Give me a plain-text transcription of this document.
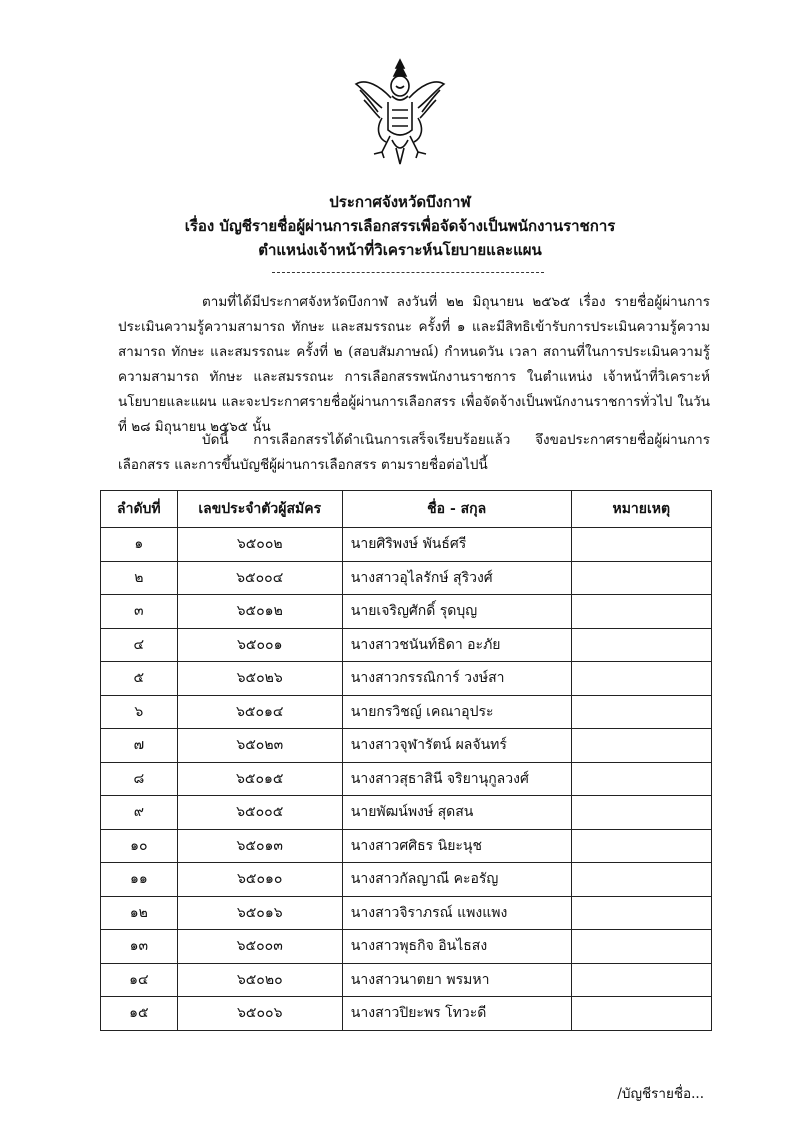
ประกาศจังหวัดบึงกาฬ
เรื่อง บัญชีรายชื่อผู้ผ่านการเลือกสรรเพื่อจัดจ้างเป็นพนักงานราชการ
ตำแหน่งเจ้าหน้าที่วิเคราะห์นโยบายและแผน
ตามที่ได้มีประกาศจังหวัดบึงกาฬ ลงวันที่ ๒๒ มิถุนายน ๒๕๖๕ เรื่อง รายชื่อผู้ผ่านการประเมินความรู้ความสามารถ ทักษะ และสมรรถนะ ครั้งที่ ๑ และมีสิทธิเข้ารับการประเมินความรู้ความสามารถ ทักษะ และสมรรถนะ ครั้งที่ ๒ (สอบสัมภาษณ์) กำหนดวัน เวลา สถานที่ในการประเมินความรู้ความสามารถ ทักษะ และสมรรถนะ การเลือกสรรพนักงานราชการ ในตำแหน่ง เจ้าหน้าที่วิเคราะห์นโยบายและแผน และจะประกาศรายชื่อผู้ผ่านการเลือกสรร เพื่อจัดจ้างเป็นพนักงานราชการทั่วไป ในวันที่ ๒๘ มิถุนายน ๒๕๖๕ นั้น
บัดนี้ การเลือกสรรได้ดำเนินการเสร็จเรียบร้อยแล้ว จึงขอประกาศรายชื่อผู้ผ่านการเลือกสรร และการขึ้นบัญชีผู้ผ่านการเลือกสรร ตามรายชื่อต่อไปนี้
ลำดับที่	เลขประจำตัวผู้สมัคร	ชื่อ - สกุล	หมายเหตุ
๑	๖๕๐๐๒	นายศิริพงษ์ พันธ์ศรี	
๒	๖๕๐๐๔	นางสาวอุไลรักษ์ สุริวงศ์	
๓	๖๕๐๑๒	นายเจริญศักดิ์ รุดบุญ	
๔	๖๕๐๐๑	นางสาวชนันท์ธิดา อะภัย	
๕	๖๕๐๒๖	นางสาวกรรณิการ์ วงษ์สา	
๖	๖๕๐๑๔	นายกรวิชญ์ เคณาอุประ	
๗	๖๕๐๒๓	นางสาวจุฬารัตน์ ผลจันทร์	
๘	๖๕๐๑๕	นางสาวสุธาสินี จริยานุกูลวงศ์	
๙	๖๕๐๐๕	นายพัฒน์พงษ์ สุดสน	
๑๐	๖๕๐๑๓	นางสาวศศิธร นิยะนุช	
๑๑	๖๕๐๑๐	นางสาวกัลญาณี คะอรัญ	
๑๒	๖๕๐๑๖	นางสาวจิราภรณ์ แพงแพง	
๑๓	๖๕๐๐๓	นางสาวพุธกิจ อินไธสง	
๑๔	๖๕๐๒๐	นางสาวนาตยา พรมหา	
๑๕	๖๕๐๐๖	นางสาวปิยะพร โทวะดี	
/บัญชีรายชื่อ...
